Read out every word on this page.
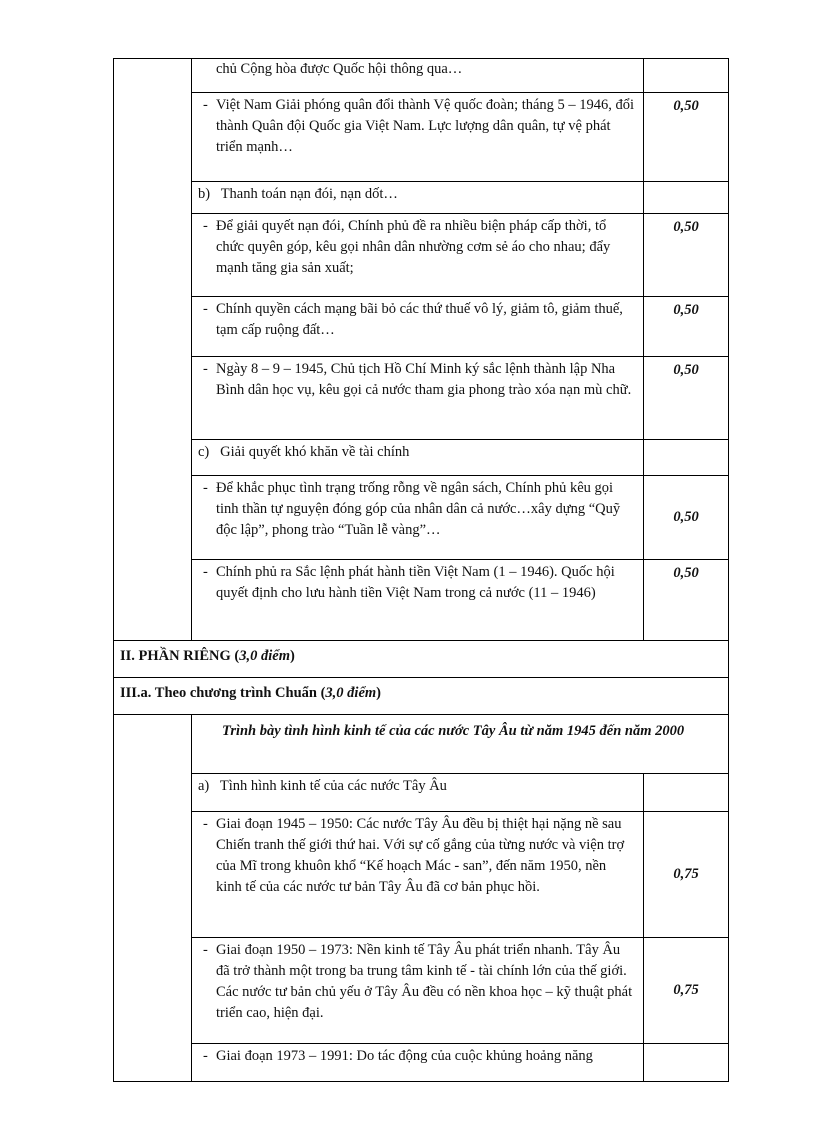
	chủ Cộng hòa được Quốc hội thông qua…	

	- Việt Nam Giải phóng quân đổi thành Vệ quốc đoàn; tháng 5 – 1946, đổi thành Quân đội Quốc gia Việt Nam. Lực lượng dân quân, tự vệ phát triển mạnh…	0,50

	b)   Thanh toán nạn đói, nạn dốt…	

	- Để giải quyết nạn đói, Chính phủ đề ra nhiều biện pháp cấp thời, tổ chức quyên góp, kêu gọi nhân dân nhường cơm sẻ áo cho nhau; đẩy mạnh tăng gia sản xuất;	0,50

	- Chính quyền cách mạng bãi bỏ các thứ thuế vô lý, giảm tô, giảm thuế, tạm cấp ruộng đất…	0,50

	- Ngày 8 – 9 – 1945, Chủ tịch Hồ Chí Minh ký sắc lệnh thành lập Nha Bình dân học vụ, kêu gọi cả nước tham gia phong trào xóa nạn mù chữ.	0,50

	c)   Giải quyết khó khăn về tài chính	

	- Để khắc phục tình trạng trống rỗng về ngân sách, Chính phủ kêu gọi tinh thần tự nguyện đóng góp của nhân dân cả nước…xây dựng “Quỹ độc lập”, phong trào “Tuần lễ vàng”…	0,50

	- Chính phủ ra Sắc lệnh phát hành tiền Việt Nam (1 – 1946). Quốc hội quyết định cho lưu hành tiền Việt Nam trong cả nước (11 – 1946)	0,50
II. PHẦN RIÊNG (3,0 điểm)		
III.a. Theo chương trình Chuẩn (3,0 điểm)		
	Trình bày tình hình kinh tế của các nước Tây Âu từ năm 1945 đến năm 2000	

	a)   Tình hình kinh tế của các nước Tây Âu	

	- Giai đoạn 1945 – 1950: Các nước Tây Âu đều bị thiệt hại nặng nề sau Chiến tranh thế giới thứ hai. Với sự cố gắng của từng nước và viện trợ của Mĩ trong khuôn khổ “Kế hoạch Mác - san”, đến năm 1950, nền kinh tế của các nước tư bản Tây Âu đã cơ bản phục hồi.	0,75

	- Giai đoạn 1950 – 1973: Nền kinh tế Tây Âu phát triển nhanh. Tây Âu đã trở thành một trong ba trung tâm kinh tế - tài chính lớn của thế giới. Các nước tư bản chủ yếu ở Tây Âu đều có nền khoa học – kỹ thuật phát triển cao, hiện đại.	0,75

	- Giai đoạn 1973 – 1991: Do tác động của cuộc khủng hoảng năng	
